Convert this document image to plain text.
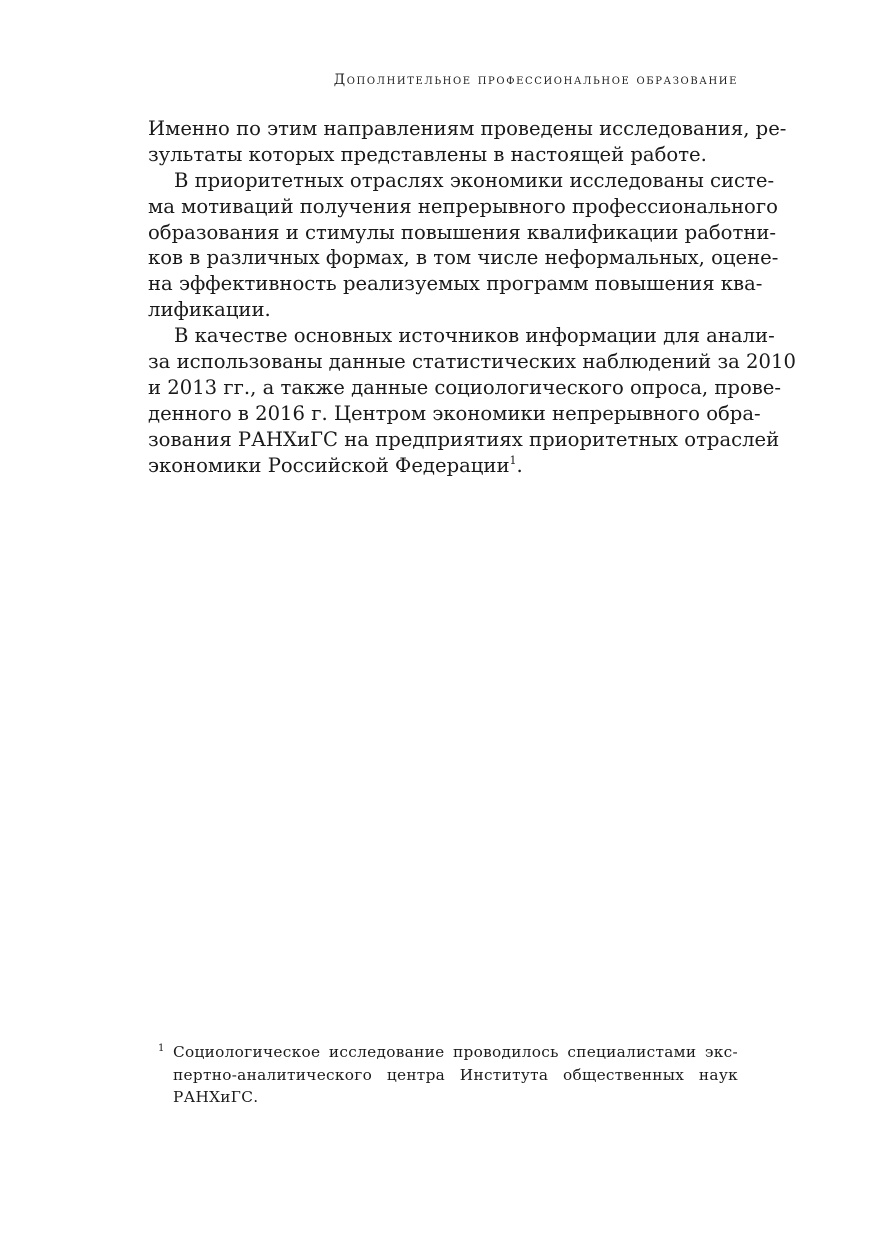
Дополнительное профессиональное образование
Именно по этим направлениям проведены исследования, ре-
зультаты которых представлены в настоящей работе.
В приоритетных отраслях экономики исследованы систе-
ма мотиваций получения непрерывного профессионального
образования и стимулы повышения квалификации работни-
ков в различных формах, в том числе неформальных, оцене-
на эффективность реализуемых программ повышения ква-
лификации.
В качестве основных источников информации для анали-
за использованы данные статистических наблюдений за 2010
и 2013 гг., а также данные социологического опроса, прове-
денного в 2016 г. Центром экономики непрерывного обра-
зования РАНХиГС на предприятиях приоритетных отраслей
экономики Российской Федерации$^1$.
1 Социологическое исследование проводилось специалистами экс-
пертно-аналитического центра Института общественных наук
РАНХиГС.
